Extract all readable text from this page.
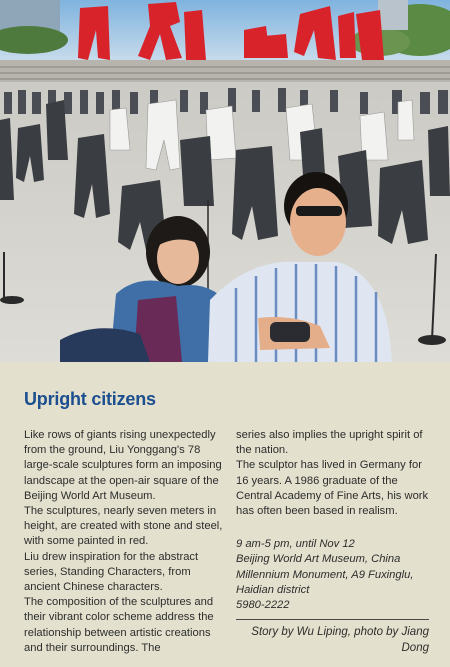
Upright citizens

Like rows of giants rising unexpectedly from the ground, Liu Yonggang's 78 large-scale sculptures form an imposing landscape at the open-air square of the Beijing World Art Museum.

The sculptures, nearly seven meters in height, are created with stone and steel, with some painted in red.

Liu drew inspiration for the abstract series, Standing Characters, from ancient Chinese characters.

The composition of the sculptures and their vibrant color scheme address the relationship between artistic creations and their surroundings. The

series also implies the upright spirit of the nation.

The sculptor has lived in Germany for 16 years. A 1986 graduate of the Central Academy of Fine Arts, his work has often been based in realism.

9 am-5 pm, until Nov 12

Beijing World Art Museum, China Millennium Monument, A9 Fuxinglu, Haidian district

5980-2222

Story by Wu Liping, photo by Jiang Dong
